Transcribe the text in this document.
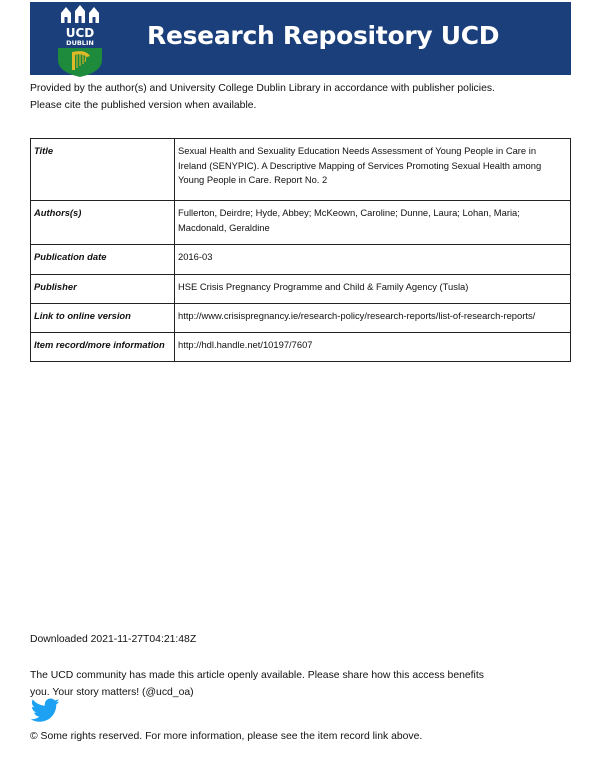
UCD
DUBLIN Research Repository UCD
Provided by the author(s) and University College Dublin Library in accordance with publisher policies. Please cite the published version when available.
Title	Sexual Health and Sexuality Education Needs Assessment of Young People in Care in Ireland (SENYPIC). A Descriptive Mapping of Services Promoting Sexual Health among Young People in Care. Report No. 2
Authors(s)	Fullerton, Deirdre; Hyde, Abbey; McKeown, Caroline; Dunne, Laura; Lohan, Maria; Macdonald, Geraldine
Publication date	2016-03
Publisher	HSE Crisis Pregnancy Programme and Child & Family Agency (Tusla)
Link to online version	http://www.crisispregnancy.ie/research-policy/research-reports/list-of-research-reports/
Item record/more information	http://hdl.handle.net/10197/7607
Downloaded 2021-11-27T04:21:48Z
The UCD community has made this article openly available. Please share how this access benefits you. Your story matters! (@ucd_oa)
© Some rights reserved. For more information, please see the item record link above.
